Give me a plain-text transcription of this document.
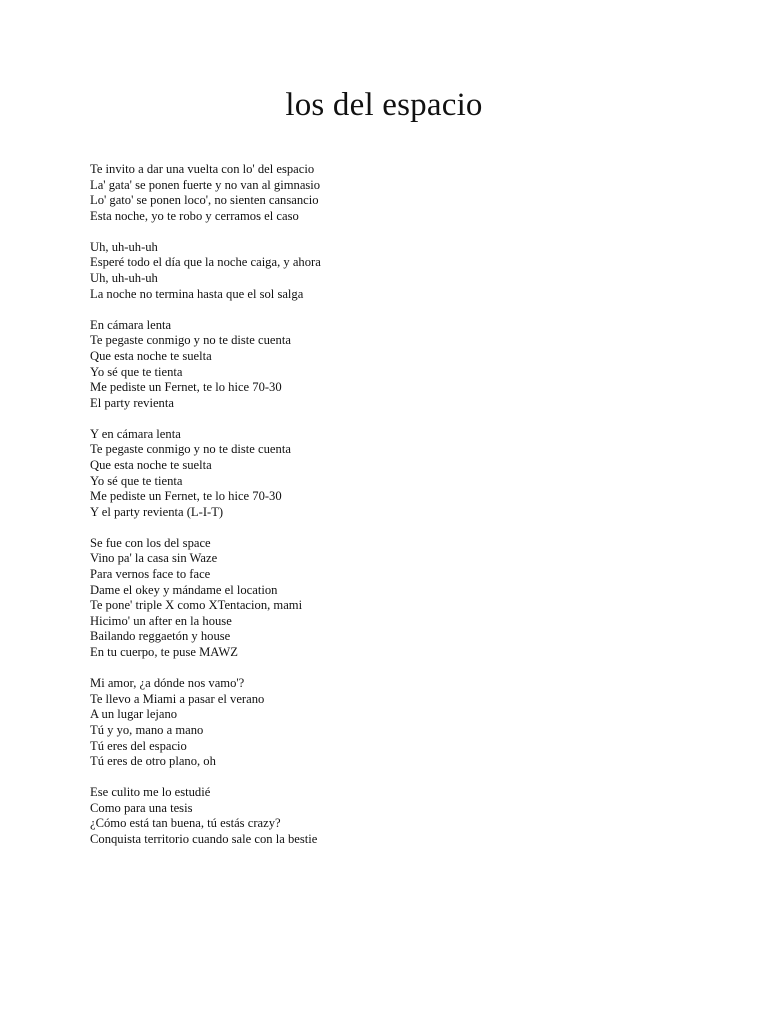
los del espacio
Te invito a dar una vuelta con lo' del espacio
La' gata' se ponen fuerte y no van al gimnasio
Lo' gato' se ponen loco', no sienten cansancio
Esta noche, yo te robo y cerramos el caso
Uh, uh-uh-uh
Esperé todo el día que la noche caiga, y ahora
Uh, uh-uh-uh
La noche no termina hasta que el sol salga
En cámara lenta
Te pegaste conmigo y no te diste cuenta
Que esta noche te suelta
Yo sé que te tienta
Me pediste un Fernet, te lo hice 70-30
El party revienta
Y en cámara lenta
Te pegaste conmigo y no te diste cuenta
Que esta noche te suelta
Yo sé que te tienta
Me pediste un Fernet, te lo hice 70-30
Y el party revienta (L-I-T)
Se fue con los del space
Vino pa' la casa sin Waze
Para vernos face to face
Dame el okey y mándame el location
Te pone' triple X como XTentacion, mami
Hicimo' un after en la house
Bailando reggaetón y house
En tu cuerpo, te puse MAWZ
Mi amor, ¿a dónde nos vamo'?
Te llevo a Miami a pasar el verano
A un lugar lejano
Tú y yo, mano a mano
Tú eres del espacio
Tú eres de otro plano, oh
Ese culito me lo estudié
Como para una tesis
¿Cómo está tan buena, tú estás crazy?
Conquista territorio cuando sale con la bestie
